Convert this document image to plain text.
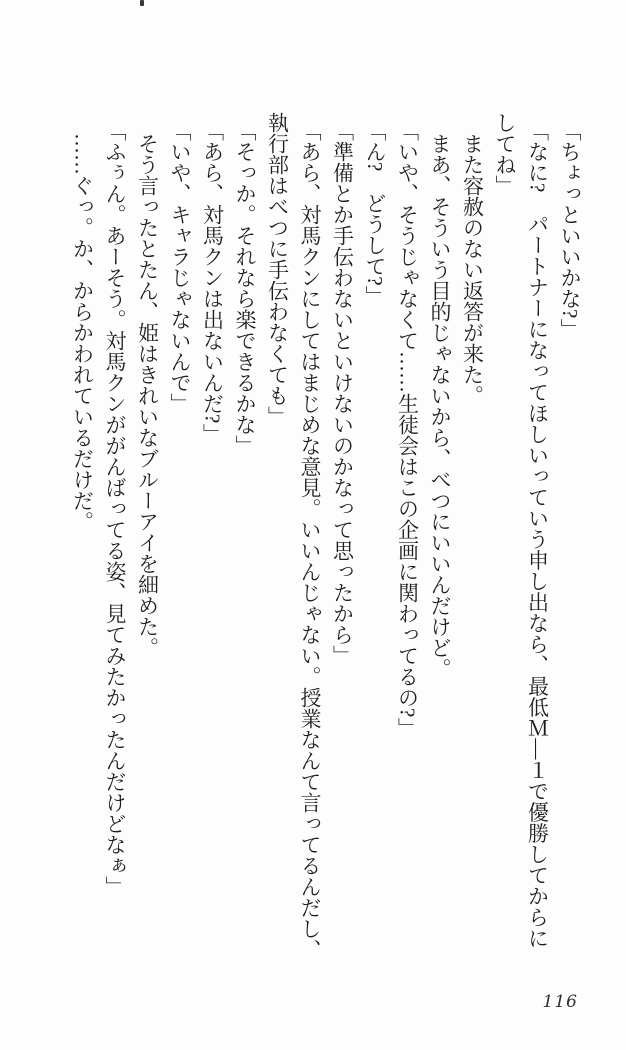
「ちょっといいかな?」

「なに?　パートナーになってほしいっていう申し出なら、最低Ｍ―１で優勝してからに

してね」

また容赦のない返答が来た。

まあ、そういう目的じゃないから、べつにいいんだけど。

「いや、そうじゃなくて……生徒会はこの企画に関わってるの?」

「ん?　どうして?」

「準備とか手伝わないといけないのかなって思ったから」

「あら、対馬クンにしてはまじめな意見。いいんじゃない。授業なんて言ってるんだし、

執行部はべつに手伝わなくても」

「そっか。それなら楽できるかな」

「あら、対馬クンは出ないんだ?」

「いや、キャラじゃないんで」

そう言ったとたん、姫はきれいなブルーアイを細めた。

「ふぅん。あーそう。対馬クンががんばってる姿、見てみたかったんだけどなぁ」

……ぐっ。か、からかわれているだけだ。

116
